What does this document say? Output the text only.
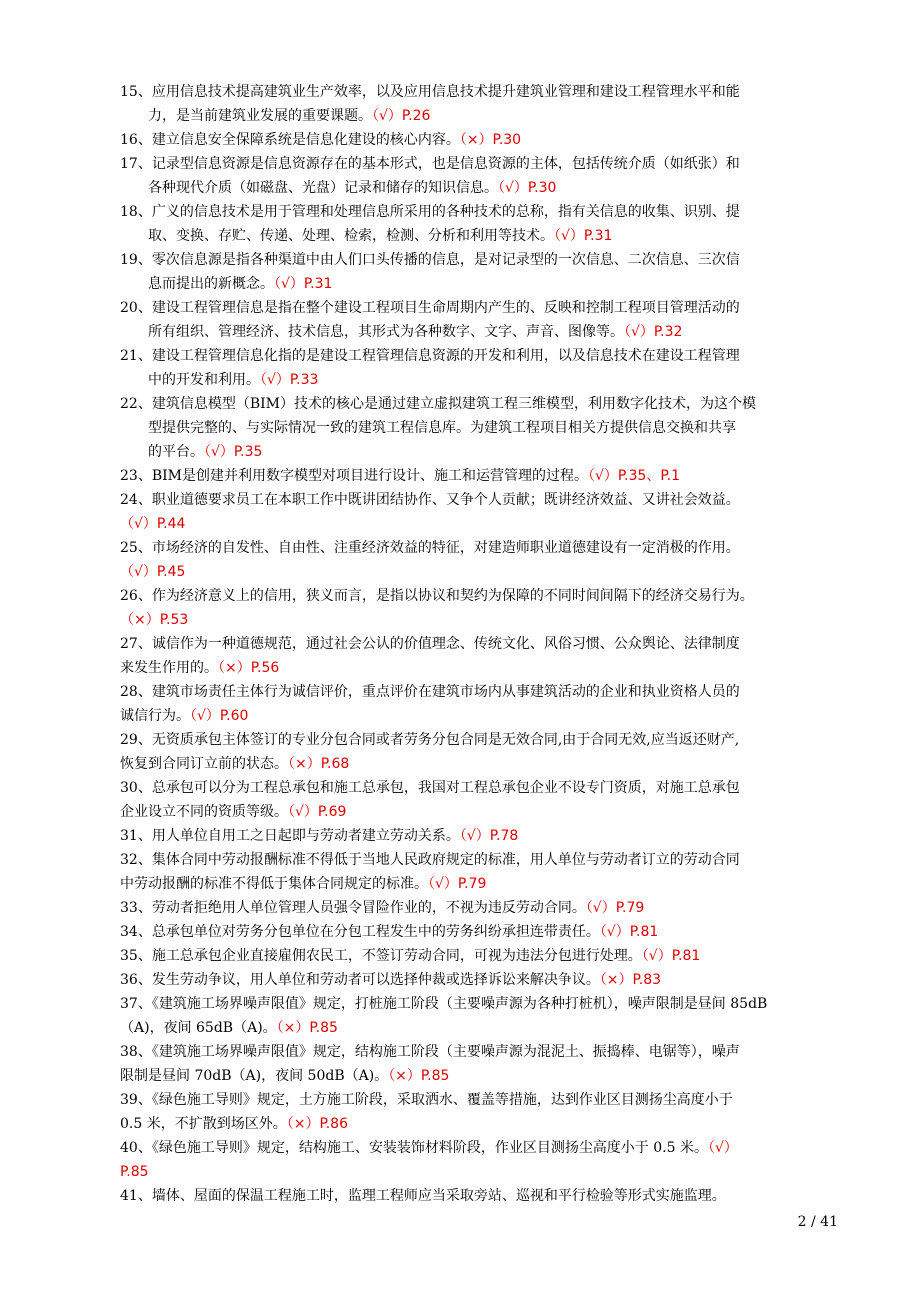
15、应用信息技术提高建筑业生产效率，以及应用信息技术提升建筑业管理和建设工程管理水平和能
　　力，是当前建筑业发展的重要课题。（√）P.26
16、建立信息安全保障系统是信息化建设的核心内容。（×）P.30
17、记录型信息资源是信息资源存在的基本形式，也是信息资源的主体，包括传统介质（如纸张）和
　　各种现代介质（如磁盘、光盘）记录和储存的知识信息。（√）P.30
18、广义的信息技术是用于管理和处理信息所采用的各种技术的总称，指有关信息的收集、识别、提
　　取、变换、存贮、传递、处理、检索，检测、分析和利用等技术。（√）P.31
19、零次信息源是指各种渠道中由人们口头传播的信息，是对记录型的一次信息、二次信息、三次信
　　息而提出的新概念。（√）P.31
20、建设工程管理信息是指在整个建设工程项目生命周期内产生的、反映和控制工程项目管理活动的
　　所有组织、管理经济、技术信息，其形式为各种数字、文字、声音、图像等。（√）P.32
21、建设工程管理信息化指的是建设工程管理信息资源的开发和利用，以及信息技术在建设工程管理
　　中的开发和利用。（√）P.33
22、建筑信息模型（BIM）技术的核心是通过建立虚拟建筑工程三维模型，利用数字化技术，为这个模
　　型提供完整的、与实际情况一致的建筑工程信息库。为建筑工程项目相关方提供信息交换和共享
　　的平台。（√）P.35
23、BIM是创建并利用数字模型对项目进行设计、施工和运营管理的过程。（√）P.35、P.1
24、职业道德要求员工在本职工作中既讲团结协作、又争个人贡献；既讲经济效益、又讲社会效益。
（√）P.44
25、市场经济的自发性、自由性、注重经济效益的特征，对建造师职业道德建设有一定消极的作用。
（√）P.45
26、作为经济意义上的信用，狭义而言，是指以协议和契约为保障的不同时间间隔下的经济交易行为。
（×）P.53
27、诚信作为一种道德规范，通过社会公认的价值理念、传统文化、风俗习惯、公众舆论、法律制度
来发生作用的。（×）P.56
28、建筑市场责任主体行为诚信评价，重点评价在建筑市场内从事建筑活动的企业和执业资格人员的
诚信行为。（√）P.60
29、无资质承包主体签订的专业分包合同或者劳务分包合同是无效合同,由于合同无效,应当返还财产,
恢复到合同订立前的状态。（×）P.68
30、总承包可以分为工程总承包和施工总承包，我国对工程总承包企业不设专门资质，对施工总承包
企业设立不同的资质等级。（√）P.69
31、用人单位自用工之日起即与劳动者建立劳动关系。（√）P.78
32、集体合同中劳动报酬标准不得低于当地人民政府规定的标准，用人单位与劳动者订立的劳动合同
中劳动报酬的标准不得低于集体合同规定的标准。（√）P.79
33、劳动者拒绝用人单位管理人员强令冒险作业的，不视为违反劳动合同。（√）P.79
34、总承包单位对劳务分包单位在分包工程发生中的劳务纠纷承担连带责任。（√）P.81
35、施工总承包企业直接雇佣农民工，不签订劳动合同，可视为违法分包进行处理。（√）P.81
36、发生劳动争议，用人单位和劳动者可以选择仲裁或选择诉讼来解决争议。（×）P.83
37、《建筑施工场界噪声限值》规定，打桩施工阶段（主要噪声源为各种打桩机），噪声限制是昼间 85dB
（A)，夜间 65dB（A)。（×）P.85
38、《建筑施工场界噪声限值》规定，结构施工阶段（主要噪声源为混泥土、振捣棒、电锯等），噪声
限制是昼间 70dB（A)，夜间 50dB（A)。（×）P.85
39、《绿色施工导则》规定，土方施工阶段，采取洒水、覆盖等措施，达到作业区目测扬尘高度小于
0.5 米，不扩散到场区外。（×）P.86
40、《绿色施工导则》规定，结构施工、安装装饰材料阶段，作业区目测扬尘高度小于 0.5 米。（√）
P.85
41、墙体、屋面的保温工程施工时，监理工程师应当采取旁站、巡视和平行检验等形式实施监理。
2 / 41
